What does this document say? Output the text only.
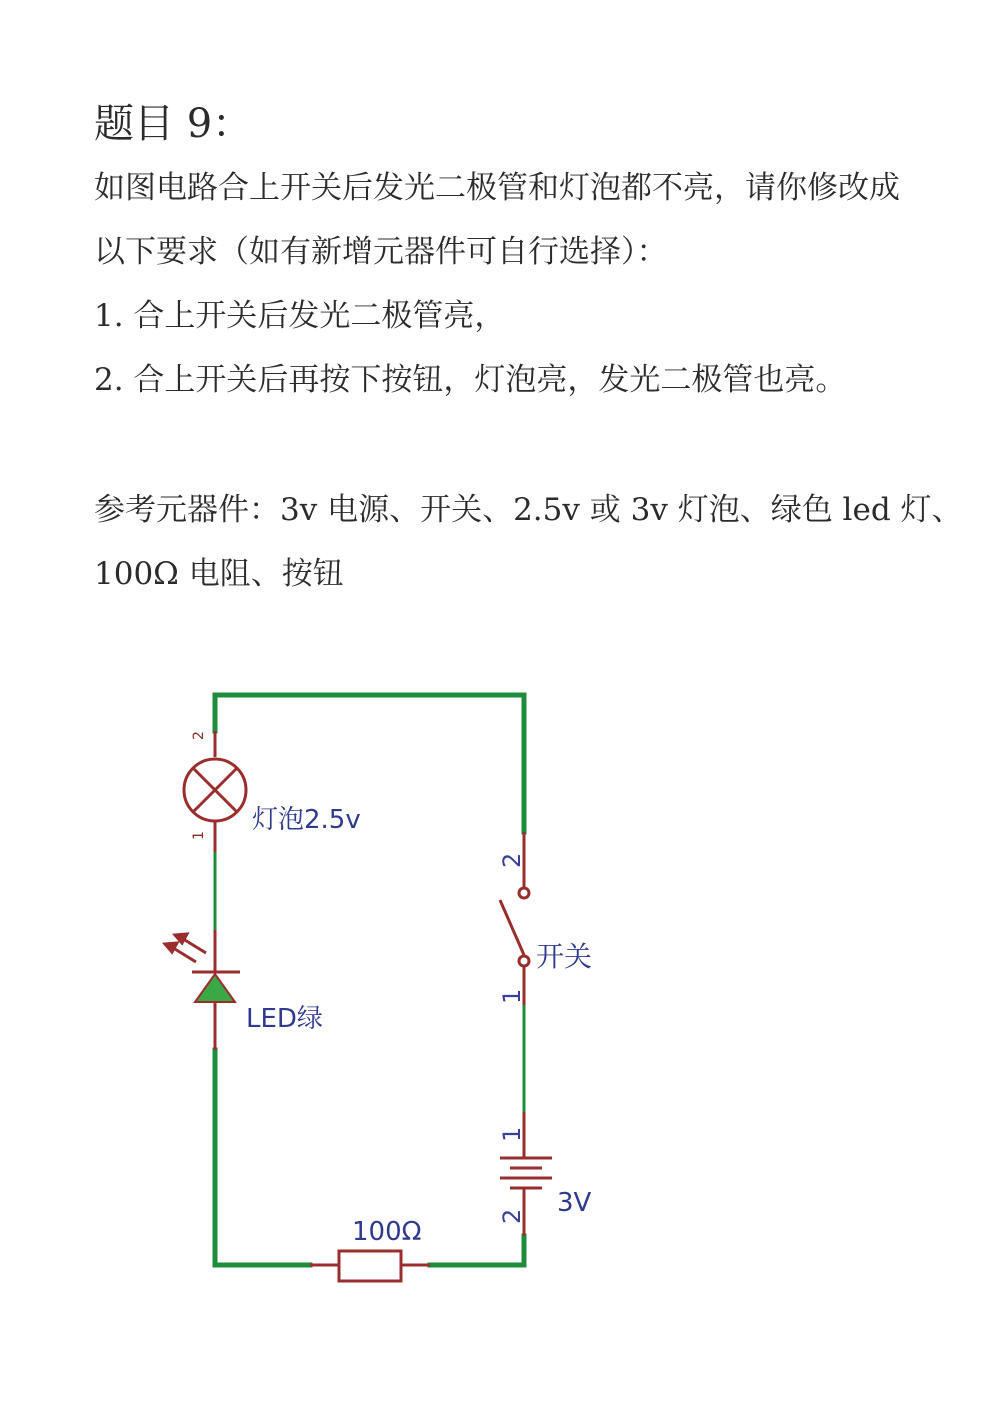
题目 9：
如图电路合上开关后发光二极管和灯泡都不亮，请你修改成
以下要求（如有新增元器件可自行选择）：
1. 合上开关后发光二极管亮，
2. 合上开关后再按下按钮，灯泡亮，发光二极管也亮。
参考元器件：3v 电源、开关、2.5v 或 3v 灯泡、绿色 led 灯、
100Ω 电阻、按钮
2
1
灯泡2.5v
LED绿
2
1
开关
1
2 3V
100Ω
